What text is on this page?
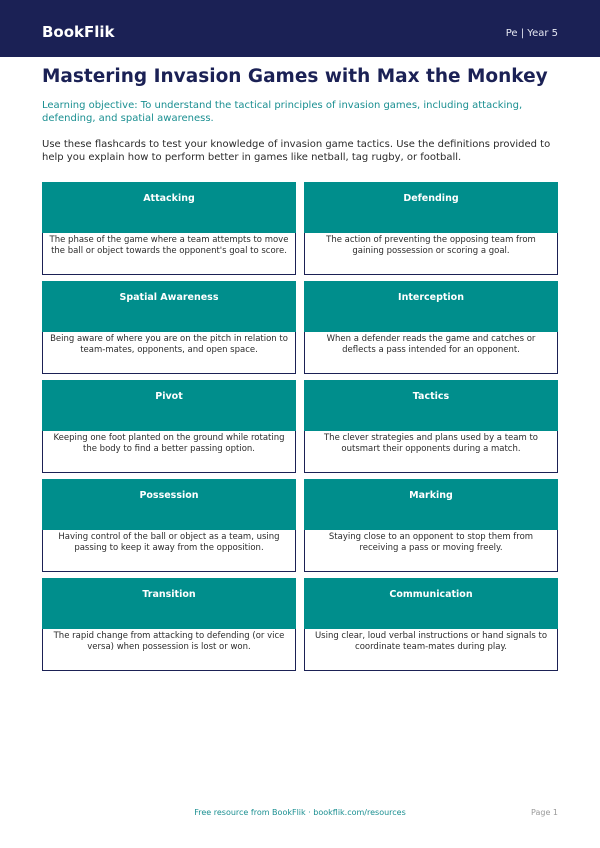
BookFlik	Pe | Year 5
Mastering Invasion Games with Max the Monkey

Learning objective: To understand the tactical principles of invasion games, including attacking, defending, and spatial awareness.

Use these flashcards to test your knowledge of invasion game tactics. Use the definitions provided to help you explain how to perform better in games like netball, tag rugby, or football.

Attacking
The phase of the game where a team attempts to move the ball or object towards the opponent's goal to score.
Defending
The action of preventing the opposing team from gaining possession or scoring a goal.
Spatial Awareness
Being aware of where you are on the pitch in relation to team-mates, opponents, and open space.
Interception
When a defender reads the game and catches or deflects a pass intended for an opponent.
Pivot
Keeping one foot planted on the ground while rotating the body to find a better passing option.
Tactics
The clever strategies and plans used by a team to outsmart their opponents during a match.
Possession
Having control of the ball or object as a team, using passing to keep it away from the opposition.
Marking
Staying close to an opponent to stop them from receiving a pass or moving freely.
Transition
The rapid change from attacking to defending (or vice versa) when possession is lost or won.
Communication
Using clear, loud verbal instructions or hand signals to coordinate team-mates during play.
Free resource from BookFlik · bookflik.com/resources	Page 1
